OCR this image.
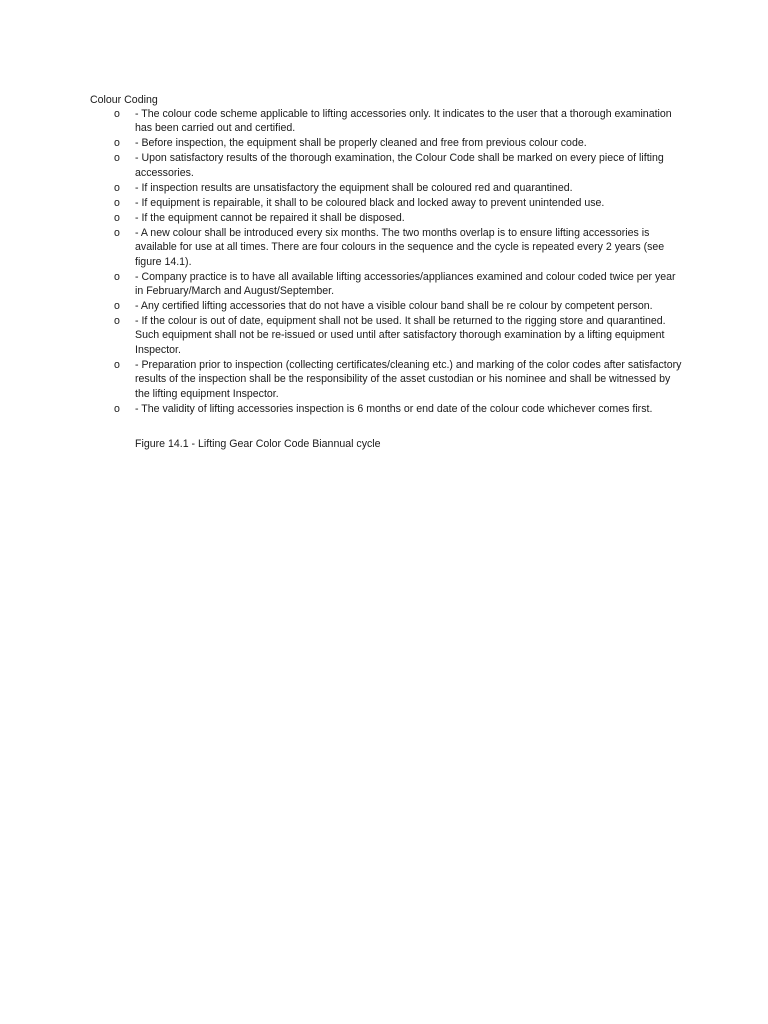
Colour Coding
o	- The colour code scheme applicable to lifting accessories only. It indicates to the user that a thorough examination has been carried out and certified.
o	- Before inspection, the equipment shall be properly cleaned and free from previous colour code.
o	- Upon satisfactory results of the thorough examination, the Colour Code shall be marked on every piece of lifting accessories.
o	- If inspection results are unsatisfactory the equipment shall be coloured red and quarantined.
o	- If equipment is repairable, it shall to be coloured black and locked away to prevent unintended use.
o	- If the equipment cannot be repaired it shall be disposed.
o	- A new colour shall be introduced every six months. The two months overlap is to ensure lifting accessories is available for use at all times. There are four colours in the sequence and the cycle is repeated every 2 years (see figure 14.1).
o	- Company practice is to have all available lifting accessories/appliances examined and colour coded twice per year in February/March and August/September.
o	- Any certified lifting accessories that do not have a visible colour band shall be re colour by competent person.
o	- If the colour is out of date, equipment shall not be used. It shall be returned to the rigging store and quarantined. Such equipment shall not be re-issued or used until after satisfactory thorough examination by a lifting equipment Inspector.
o	- Preparation prior to inspection (collecting certificates/cleaning etc.) and marking of the color codes after satisfactory results of the inspection shall be the responsibility of the asset custodian or his nominee and shall be witnessed by the lifting equipment Inspector.
o	- The validity of lifting accessories inspection is 6 months or end date of the colour code whichever comes first.
Figure 14.1 - Lifting Gear Color Code Biannual cycle
